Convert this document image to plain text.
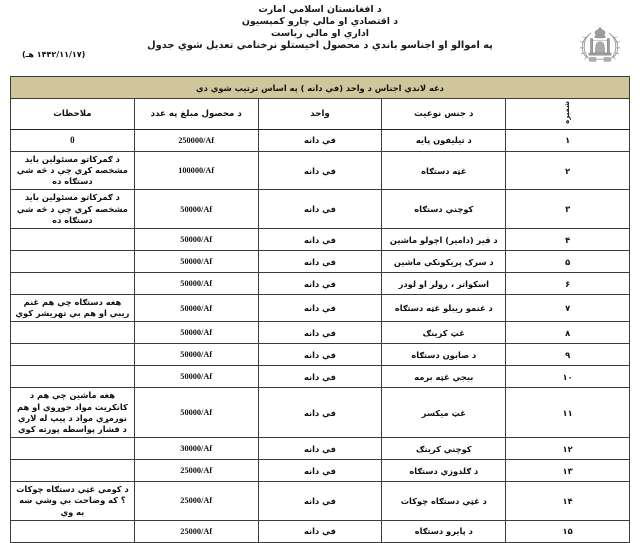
د افغانستان اسلامي امارت
د اقتصادي او مالي چارو کمېسیون
اداري او مالي ریاست
په اموالو او اجناسو باندي د محصول اخیستلو نرخنامي تعدیل شوي جدول
(۱۴۴۲/۱۱/۱۷ هـ)
دغه لاندي اجناس د واحد (في دانه ) په اساس ترتیب شوي دي				
شمېره	د جنس نوعیت	واحد	د محصول مبلغ په عدد	ملاحظات
۱	د تیلیفون پایه	في دانه	250000/Af	0
۲	غټه دستګاه	في دانه	100000/Af	د ګمرکاتو مسئولین باید مشخصه کړي چې د څه شي دستګاه ده
۳	کوچني دستګاه	في دانه	50000/Af	د ګمرکاتو مسئولین باید مشخصه کړي چې د څه شي دستګاه ده
۴	د قیر (دامیر) اچولو ماشین	في دانه	50000/Af	
۵	د سرک پریکونکي ماشین	في دانه	50000/Af	
۶	اسکواتر ، رولر او لودر	في دانه	50000/Af	
۷	د غنمو ریبلو غټه دستګاه	في دانه	50000/Af	هغه دستګاه چي هم غنم ریبي او هم بي تهریشر کوي
۸	غټ کرینګ	في دانه	50000/Af	
۹	د صابون دستګاه	في دانه	50000/Af	
۱۰	بیجي غټه برمه	في دانه	50000/Af	
۱۱	غټ میکسر	في دانه	50000/Af	هغه ماشین چي هم د کانکریت مواد جوړوي او هم نورمړي مواد د پیپ له لاري د فشار پواسطه پورته کوي
۱۲	کوچني کرینګ	في دانه	30000/Af	
۱۳	د ګلدوزي دستګاه	في دانه	25000/Af	
۱۴	د غټي دستګاه چوکات	في دانه	25000/Af	د کومي غټي دستګاه چوکات ؟ که وضاحت بي وشي ښه به وي
۱۵	د پایرو دستګاه	في دانه	25000/Af	
